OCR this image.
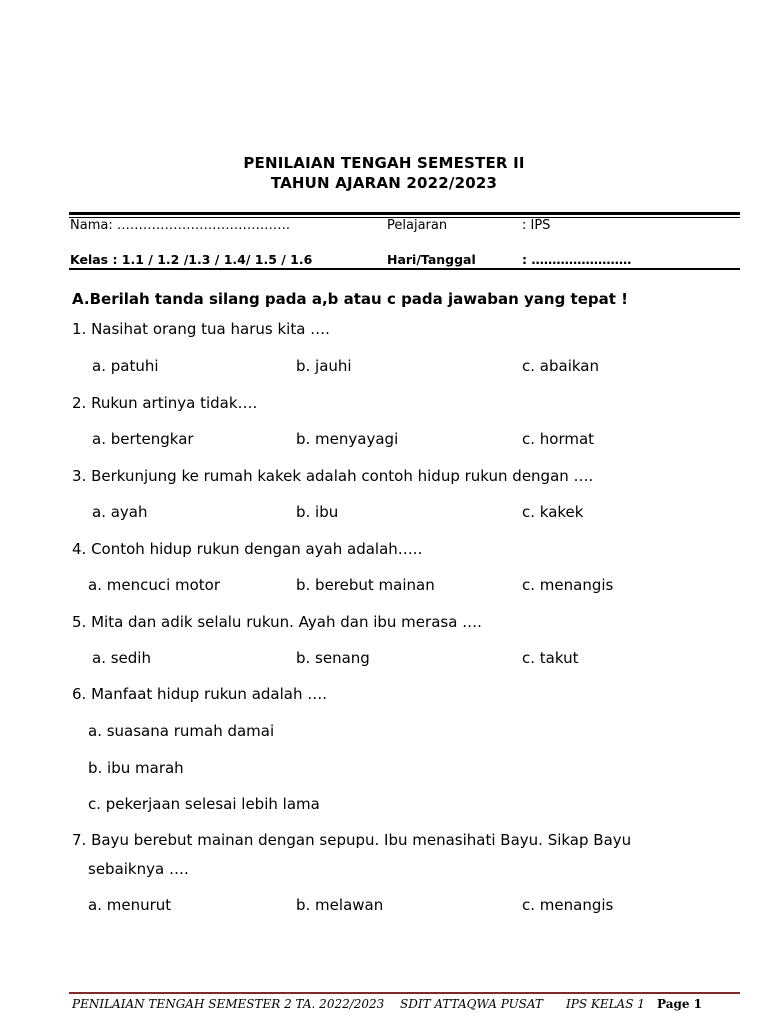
PENILAIAN TENGAH SEMESTER II
TAHUN AJARAN 2022/2023
Nama: ………………………………….	Pelajaran	: IPS
Kelas : 1.1 / 1.2 /1.3 / 1.4/ 1.5 / 1.6	Hari/Tanggal	: ……………………
A.Berilah tanda silang pada a,b atau c pada jawaban yang tepat !
1. Nasihat orang tua harus kita ….
a. patuhi	b. jauhi	c. abaikan
2. Rukun artinya tidak….
a. bertengkar	b. menyayagi	c. hormat
3. Berkunjung ke rumah kakek adalah contoh hidup rukun dengan ….
a. ayah	b. ibu	c. kakek
4. Contoh hidup rukun dengan ayah adalah…..
a. mencuci motor	b. berebut mainan	c. menangis
5. Mita dan adik selalu rukun. Ayah dan ibu merasa ….
a. sedih	b. senang	c. takut
6. Manfaat hidup rukun adalah ….
a. suasana rumah damai
b. ibu marah
c. pekerjaan selesai lebih lama
7. Bayu berebut mainan dengan sepupu. Ibu menasihati Bayu. Sikap Bayu
sebaiknya ….
a. menurut	b. melawan	c. menangis
PENILAIAN TENGAH SEMESTER 2 TA. 2022/2023 SDIT ATTAQWA PUSAT IPS KELAS 1 Page 1
